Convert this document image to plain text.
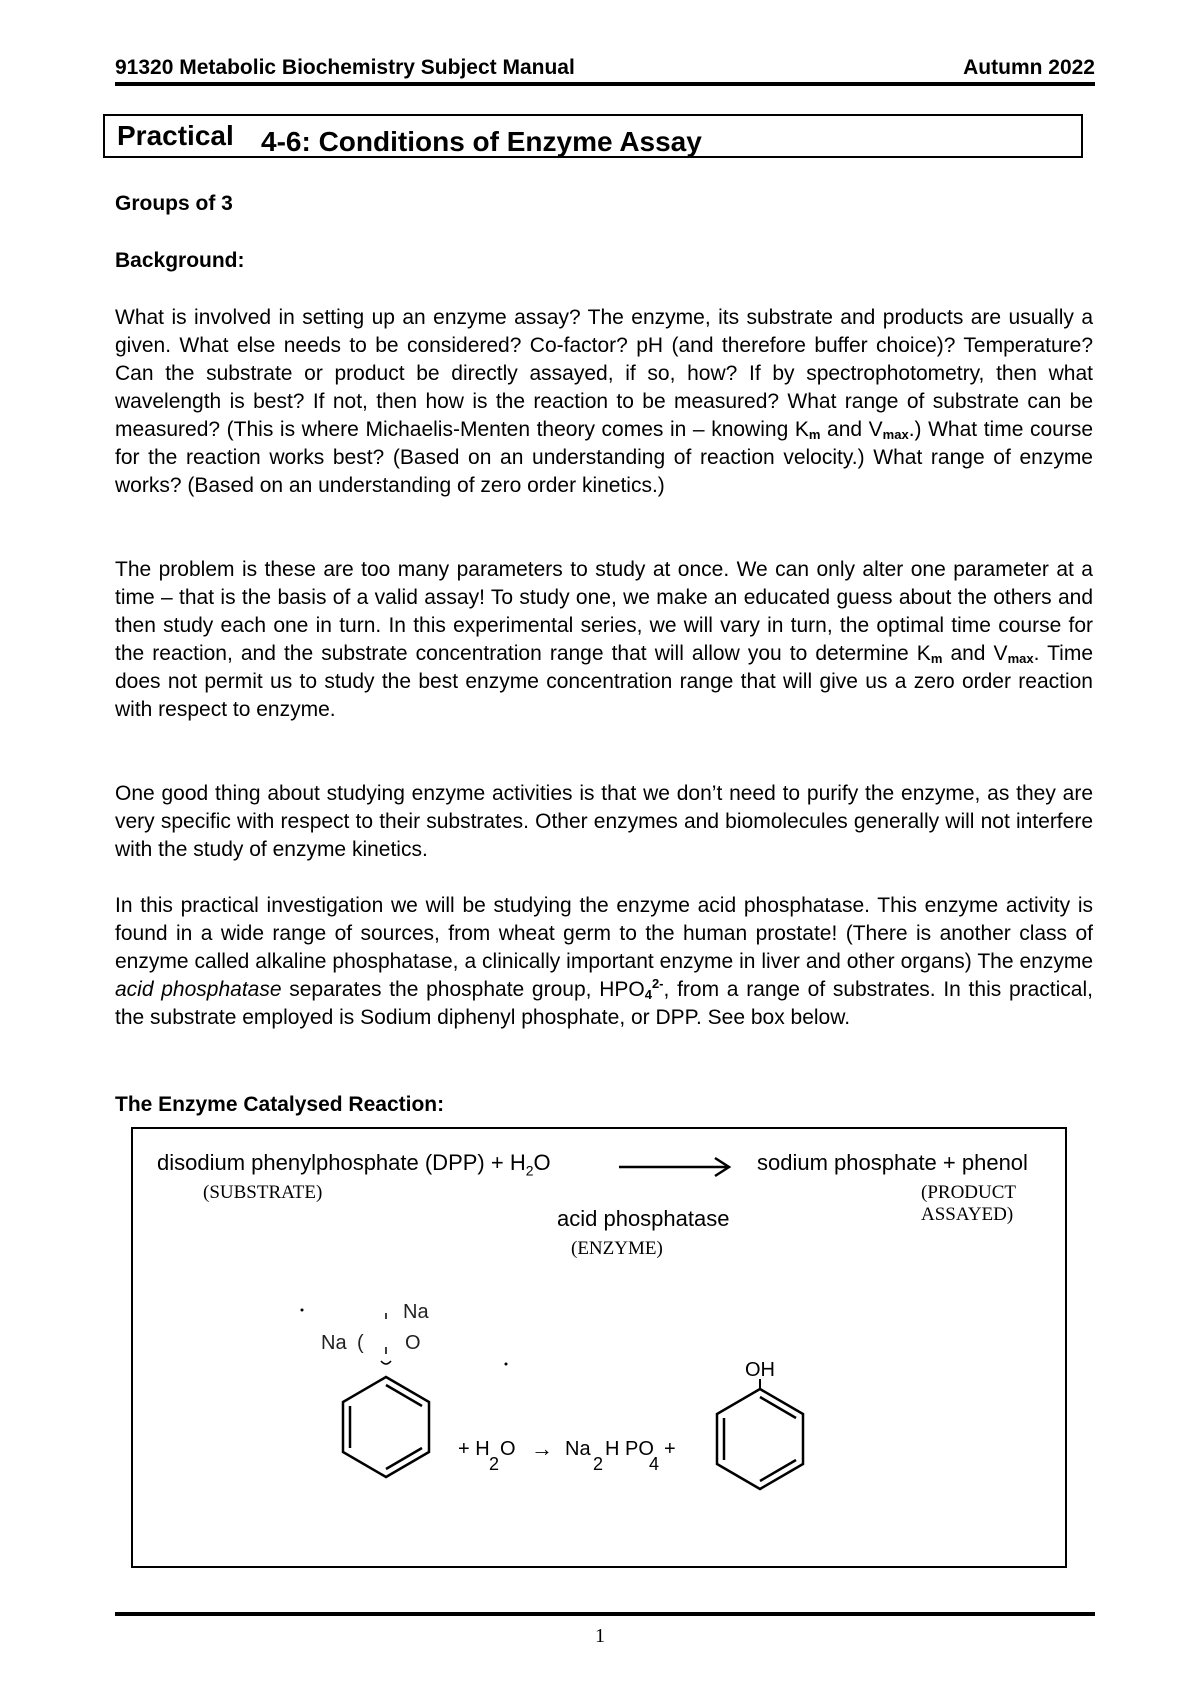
91320 Metabolic Biochemistry Subject Manual	Autumn 2022
Practical 4-6: Conditions of Enzyme Assay
Groups of 3
Background:

What is involved in setting up an enzyme assay? The enzyme, its substrate and products are usually a given. What else needs to be considered? Co-factor? pH (and therefore buffer choice)? Temperature? Can the substrate or product be directly assayed, if so, how? If by spectrophotometry, then what wavelength is best? If not, then how is the reaction to be measured? What range of substrate can be measured? (This is where Michaelis-Menten theory comes in – knowing $K_m$ and $V_{max}$.) What time course for the reaction works best? (Based on an understanding of reaction velocity.) What range of enzyme works? (Based on an understanding of zero order kinetics.)

The problem is these are too many parameters to study at once. We can only alter one parameter at a time – that is the basis of a valid assay! To study one, we make an educated guess about the others and then study each one in turn. In this experimental series, we will vary in turn, the optimal time course for the reaction, and the substrate concentration range that will allow you to determine $K_m$ and $V_{max}$. Time does not permit us to study the best enzyme concentration range that will give us a zero order reaction with respect to enzyme.

One good thing about studying enzyme activities is that we don’t need to purify the enzyme, as they are very specific with respect to their substrates. Other enzymes and biomolecules generally will not interfere with the study of enzyme kinetics.

In this practical investigation we will be studying the enzyme acid phosphatase. This enzyme activity is found in a wide range of sources, from wheat germ to the human prostate! (There is another class of enzyme called alkaline phosphatase, a clinically important enzyme in liver and other organs) The enzyme acid phosphatase separates the phosphate group, $HPO_4^{2-}$, from a range of substrates. In this practical, the substrate employed is Sodium diphenyl phosphate, or DPP. See box below.

The Enzyme Catalysed Reaction:
disodium phenylphosphate $(DPP) + H_2O$	sodium phosphate + phenol
(SUBSTRATE)	(PRODUCT
ASSAYED)
acid phosphatase
(ENZYME)
Na
Na ( O
OH
+ H
2
O → Na
2
H PO
4
+
1
